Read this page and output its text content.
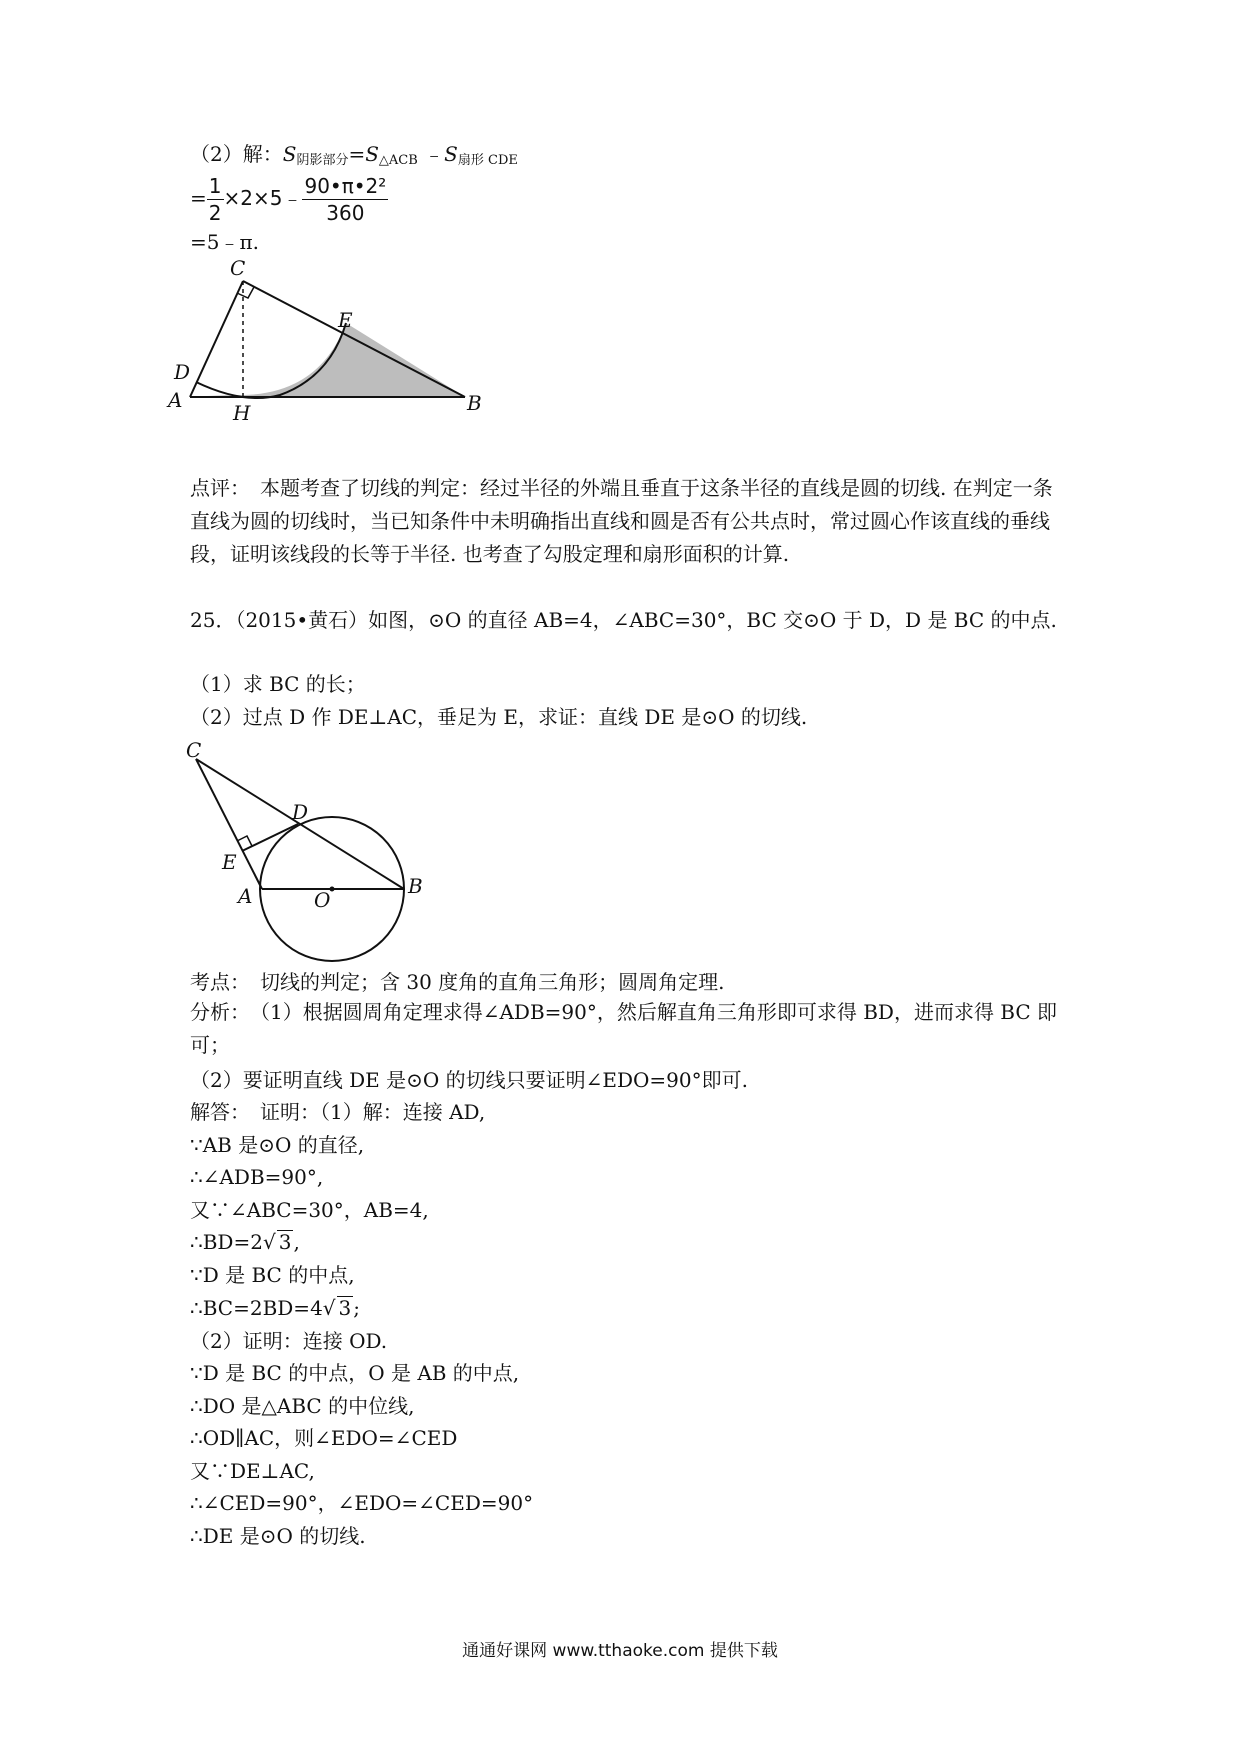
（2）解：$S_{阴影部分}=S_{\triangle ACB}$ $﹣S_{扇形 CDE}$
= $\frac{1}{2}$ ×2×5﹣ $\frac{\text{90•π•2²}}{360}$
=5﹣π.
C
E
D
A
H	B
点评：　本题考查了切线的判定：经过半径的外端且垂直于这条半径的直线是圆的切线. 在判定一条直线为圆的切线时，当已知条件中未明确指出直线和圆是否有公共点时，常过圆心作该直线的垂线段，证明该线段的长等于半径. 也考查了勾股定理和扇形面积的计算.
25．（2015•黄石）如图，⊙O 的直径 AB=4，∠ABC=30°，BC 交⊙O 于 D，D 是 BC 的中点.
（1）求 BC 的长；
（2）过点 D 作 DE⊥AC，垂足为 E，求证：直线 DE 是⊙O 的切线.
C
D
E
A	O
B
考点：　切线的判定；含 30 度角的直角三角形；圆周角定理.
分析：　（1）根据圆周角定理求得∠ADB=90°，然后解直角三角形即可求得 BD，进而求得 BC 即可；
（2）要证明直线 DE 是⊙O 的切线只要证明∠EDO=90°即可.
解答：　证明：（1）解：连接 AD,
∵AB 是⊙O 的直径,
∴∠ADB=90°,
又∵∠ABC=30°，AB=4,
∴BD=2√ 3 ,
∵D 是 BC 的中点,
∴BC=2BD=4√ 3 ;
（2）证明：连接 OD.
∵D 是 BC 的中点，O 是 AB 的中点,
∴DO 是△ABC 的中位线,
∴OD∥AC，则∠EDO=∠CED
又∵DE⊥AC,
∴∠CED=90°，∠EDO=∠CED=90°
∴DE 是⊙O 的切线.
通通好课网 www.tthaoke.com 提供下载
